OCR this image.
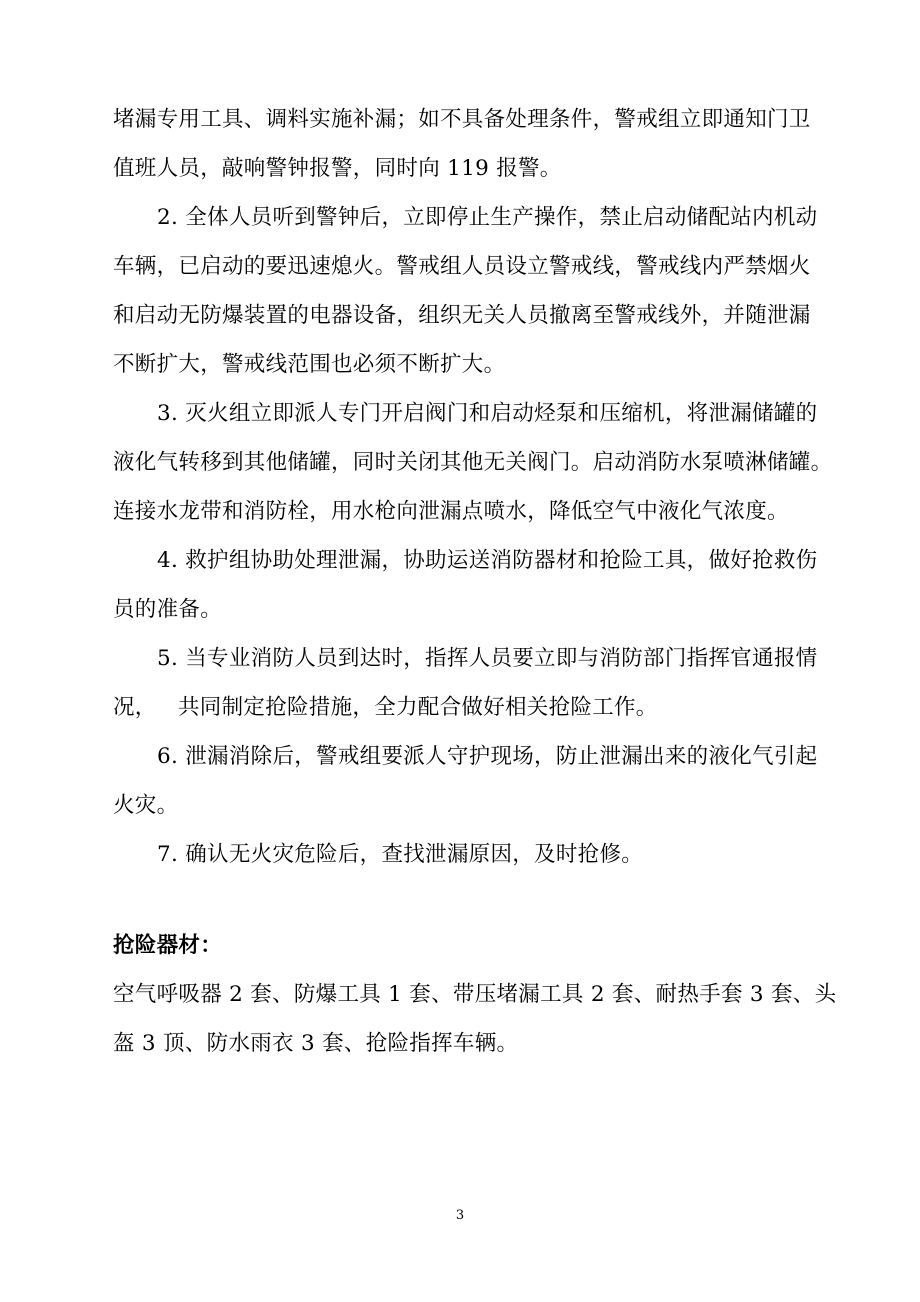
堵漏专用工具、调料实施补漏；如不具备处理条件，警戒组立即通知门卫
值班人员，敲响警钟报警，同时向 119 报警。
2. 全体人员听到警钟后，立即停止生产操作，禁止启动储配站内机动
车辆，已启动的要迅速熄火。警戒组人员设立警戒线，警戒线内严禁烟火
和启动无防爆装置的电器设备，组织无关人员撤离至警戒线外，并随泄漏
不断扩大，警戒线范围也必须不断扩大。
3. 灭火组立即派人专门开启阀门和启动烃泵和压缩机，将泄漏储罐的
液化气转移到其他储罐，同时关闭其他无关阀门。启动消防水泵喷淋储罐。
连接水龙带和消防栓，用水枪向泄漏点喷水，降低空气中液化气浓度。
4. 救护组协助处理泄漏，协助运送消防器材和抢险工具，做好抢救伤
员的准备。
5. 当专业消防人员到达时，指挥人员要立即与消防部门指挥官通报情
况，   共同制定抢险措施，全力配合做好相关抢险工作。
6. 泄漏消除后，警戒组要派人守护现场，防止泄漏出来的液化气引起
火灾。
7. 确认无火灾危险后，查找泄漏原因，及时抢修。
抢险器材：
空气呼吸器 2 套、防爆工具 1 套、带压堵漏工具 2 套、耐热手套 3 套、头
盔 3 顶、防水雨衣 3 套、抢险指挥车辆。
3
